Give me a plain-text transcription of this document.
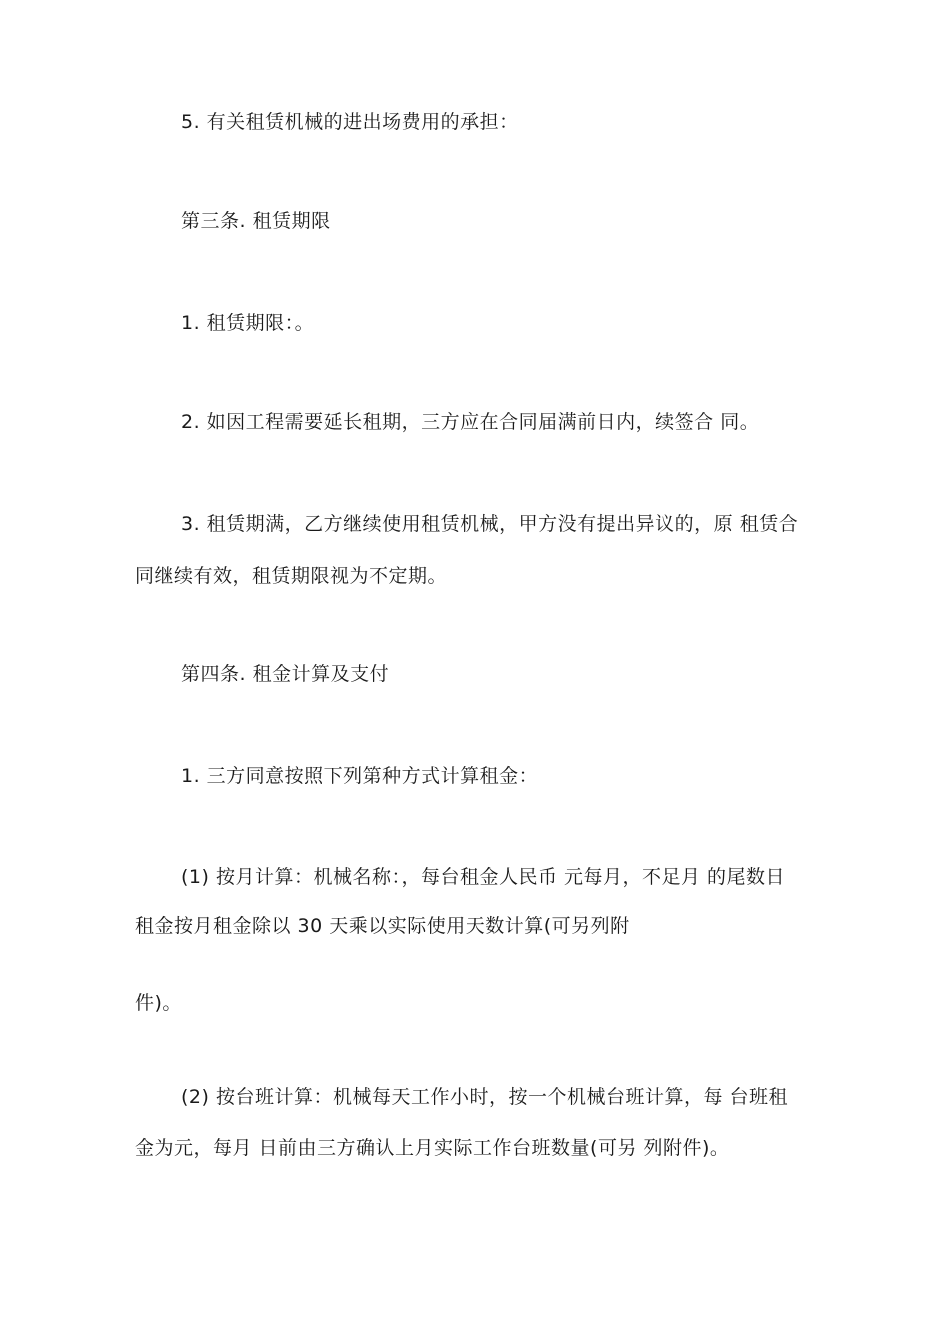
5. 有关租赁机械的进出场费用的承担：
第三条. 租赁期限
1. 租赁期限：。
2. 如因工程需要延长租期，三方应在合同届满前日内，续签合 同。
3. 租赁期满，乙方继续使用租赁机械，甲方没有提出异议的，原 租赁合
同继续有效，租赁期限视为不定期。
第四条. 租金计算及支付
1. 三方同意按照下列第种方式计算租金：
(1) 按月计算：机械名称：，每台租金人民币 元每月，不足月 的尾数日
租金按月租金除以 30 天乘以实际使用天数计算(可另列附
件)。
(2) 按台班计算：机械每天工作小时，按一个机械台班计算，每 台班租
金为元，每月 日前由三方确认上月实际工作台班数量(可另 列附件)。
